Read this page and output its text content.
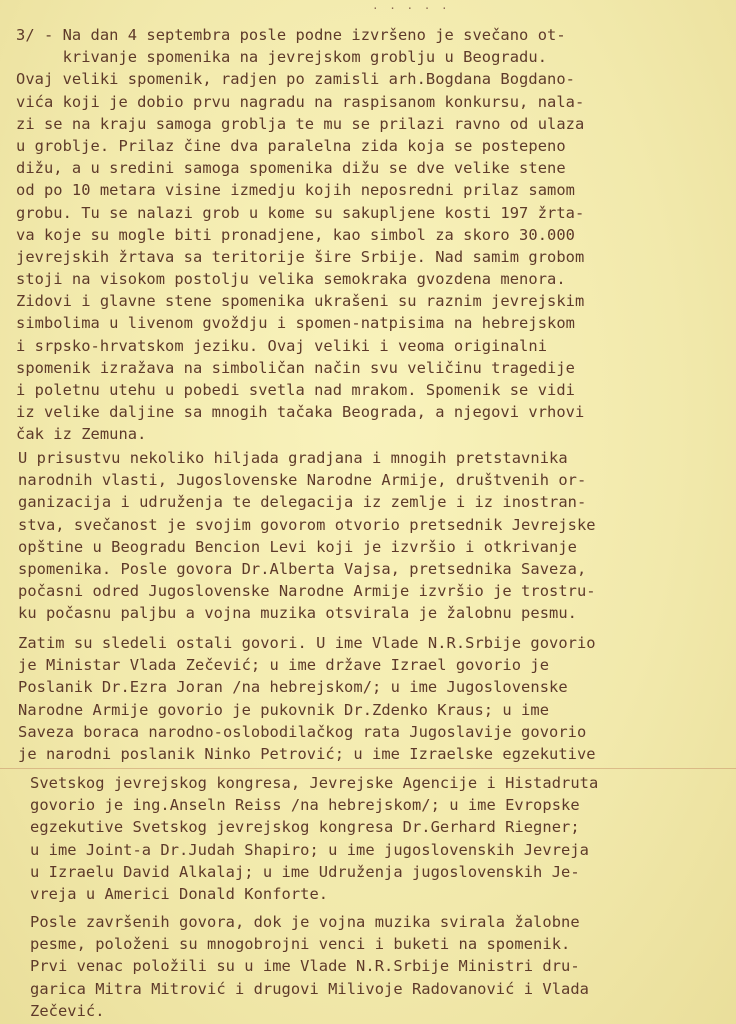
· · · · ·
3/ - Na dan 4 septembra posle podne izvršeno je svečano ot-
krivanje spomenika na jevrejskom groblju u Beogradu.
Ovaj veliki spomenik, radjen po zamisli arh.Bogdana Bogdano-
vića koji je dobio prvu nagradu na raspisanom konkursu, nala-
zi se na kraju samoga groblja te mu se prilazi ravno od ulaza
u groblje. Prilaz čine dva paralelna zida koja se postepeno
dižu, a u sredini samoga spomenika dižu se dve velike stene
od po 10 metara visine izmedju kojih neposredni prilaz samom
grobu. Tu se nalazi grob u kome su sakupljene kosti 197 žrta-
va koje su mogle biti pronadjene, kao simbol za skoro 30.000
jevrejskih žrtava sa teritorije šire Srbije. Nad samim grobom
stoji na visokom postolju velika semokraka gvozdena menora.
Zidovi i glavne stene spomenika ukrašeni su raznim jevrejskim
simbolima u livenom gvoždju i spomen-natpisima na hebrejskom
i srpsko-hrvatskom jeziku. Ovaj veliki i veoma originalni
spomenik izražava na simboličan način svu veličinu tragedije
i poletnu utehu u pobedi svetla nad mrakom. Spomenik se vidi
iz velike daljine sa mnogih tačaka Beograda, a njegovi vrhovi
čak iz Zemuna.
U prisustvu nekoliko hiljada gradjana i mnogih pretstavnika
narodnih vlasti, Jugoslovenske Narodne Armije, društvenih or-
ganizacija i udruženja te delegacija iz zemlje i iz inostran-
stva, svečanost je svojim govorom otvorio pretsednik Jevrejske
opštine u Beogradu Bencion Levi koji je izvršio i otkrivanje
spomenika. Posle govora Dr.Alberta Vajsa, pretsednika Saveza,
počasni odred Jugoslovenske Narodne Armije izvršio je trostru-
ku počasnu paljbu a vojna muzika otsvirala je žalobnu pesmu.
Zatim su sledeli ostali govori. U ime Vlade N.R.Srbije govorio
je Ministar Vlada Zečević; u ime države Izrael govorio je
Poslanik Dr.Ezra Joran /na hebrejskom/; u ime Jugoslovenske
Narodne Armije govorio je pukovnik Dr.Zdenko Kraus; u ime
Saveza boraca narodno-oslobodilačkog rata Jugoslavije govorio
je narodni poslanik Ninko Petrović; u ime Izraelske egzekutive
Svetskog jevrejskog kongresa, Jevrejske Agencije i Histadruta
govorio je ing.Anseln Reiss /na hebrejskom/; u ime Evropske
egzekutive Svetskog jevrejskog kongresa Dr.Gerhard Riegner;
u ime Joint-a Dr.Judah Shapiro; u ime jugoslovenskih Jevreja
u Izraelu David Alkalaj; u ime Udruženja jugoslovenskih Je-
vreja u Americi Donald Konforte.
Posle završenih govora, dok je vojna muzika svirala žalobne
pesme, položeni su mnogobrojni venci i buketi na spomenik.
Prvi venac položili su u ime Vlade N.R.Srbije Ministri dru-
garica Mitra Mitrović i drugovi Milivoje Radovanović i Vlada
Zečević.
